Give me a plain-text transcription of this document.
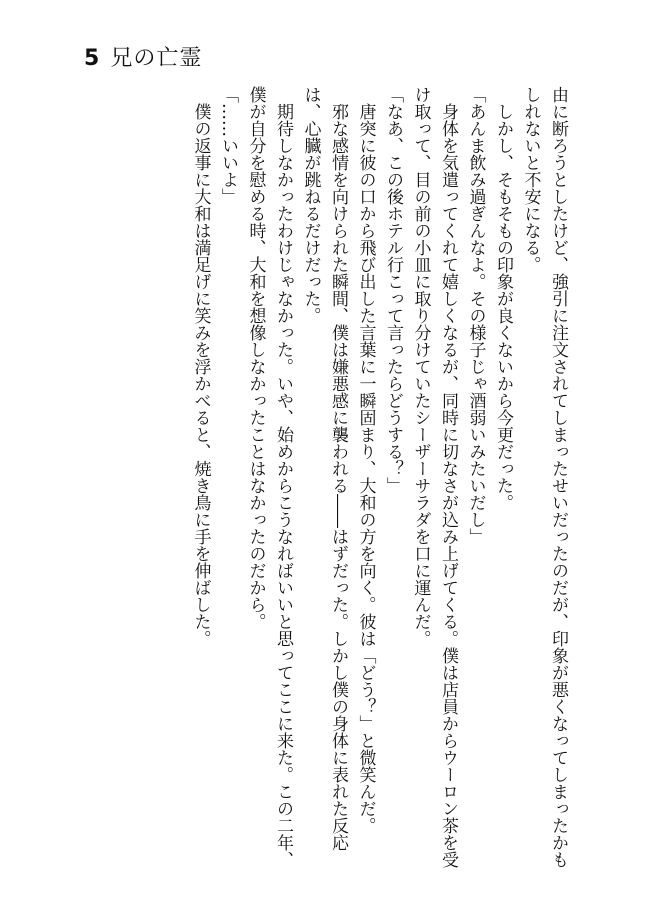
5 兄の亡霊

由に断ろうとしたけど、強引に注文されてしまったせいだったのだが、印象が悪くなってしまったかもしれないと不安になる。

　しかし、そもそもの印象が良くないから今更だった。

「あんま飲み過ぎんなよ。その様子じゃ酒弱いみたいだし」

　身体を気遣ってくれて嬉しくなるが、同時に切なさが込み上げてくる。僕は店員からウーロン茶を受け取って、目の前の小皿に取り分けていたシーザーサラダを口に運んだ。

「なあ、この後ホテル行こって言ったらどうする？」

　唐突に彼の口から飛び出した言葉に一瞬固まり、大和の方を向く。彼は「どう？」と微笑んだ。

　邪な感情を向けられた瞬間、僕は嫌悪感に襲われる――はずだった。しかし僕の身体に表れた反応は、心臓が跳ねるだけだった。

　期待しなかったわけじゃなかった。いや、始めからこうなればいいと思ってここに来た。この二年、僕が自分を慰める時、大和を想像しなかったことはなかったのだから。

「……いいよ」

　僕の返事に大和は満足げに笑みを浮かべると、焼き鳥に手を伸ばした。
